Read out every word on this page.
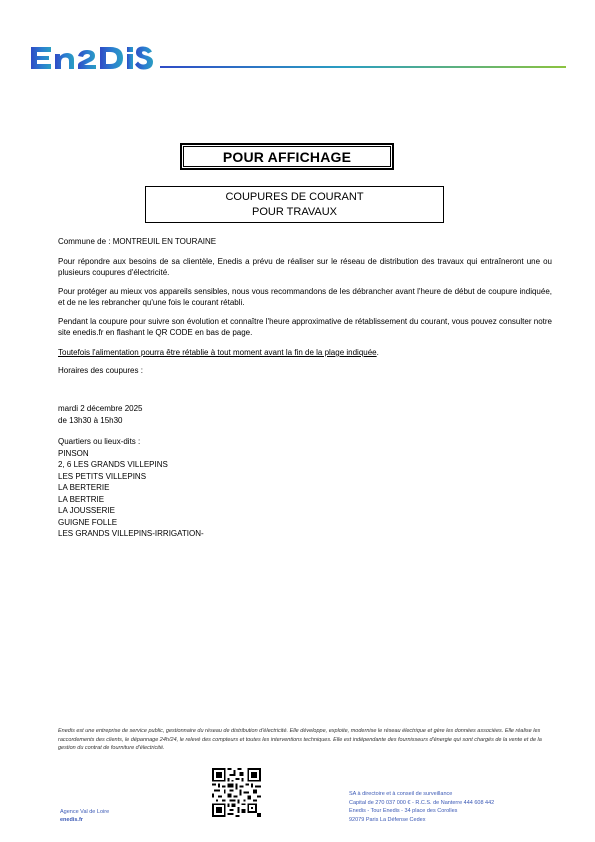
POUR AFFICHAGE
COUPURES DE COURANT
POUR TRAVAUX
Commune de : MONTREUIL EN TOURAINE
Pour répondre aux besoins de sa clientèle, Enedis a prévu de réaliser sur le réseau de distribution des travaux qui entraîneront une ou plusieurs coupures d'électricité.
Pour protéger au mieux vos appareils sensibles, nous vous recommandons de les débrancher avant l'heure de début de coupure indiquée, et de ne les rebrancher qu'une fois le courant rétabli.
Pendant la coupure pour suivre son évolution et connaître l'heure approximative de rétablissement du courant, vous pouvez consulter notre site enedis.fr en flashant le QR CODE en bas de page.
Toutefois l'alimentation pourra être rétablie à tout moment avant la fin de la plage indiquée.
Horaires des coupures :
mardi 2 décembre 2025
de 13h30 à 15h30
Quartiers ou lieux-dits :
PINSON
2, 6 LES GRANDS VILLEPINS
LES PETITS VILLEPINS
LA BERTERIE
LA BERTRIE
LA JOUSSERIE
GUIGNE FOLLE
LES GRANDS VILLEPINS-IRRIGATION-
Enedis est une entreprise de service public, gestionnaire du réseau de distribution d'électricité. Elle développe, exploite, modernise le réseau électrique et gère les données associées. Elle réalise les raccordements des clients, le dépannage 24h/24, le relevé des compteurs et toutes les interventions techniques. Elle est indépendante des fournisseurs d'énergie qui sont chargés de la vente et de la gestion du contrat de fourniture d'électricité.
Agence Val de Loire
enedis.fr
SA à directoire et à conseil de surveillance
Capital de 270 037 000 € - R.C.S. de Nanterre 444 608 442
Enedis - Tour Enedis - 34 place des Corolles
92079 Paris La Défense Cedex
